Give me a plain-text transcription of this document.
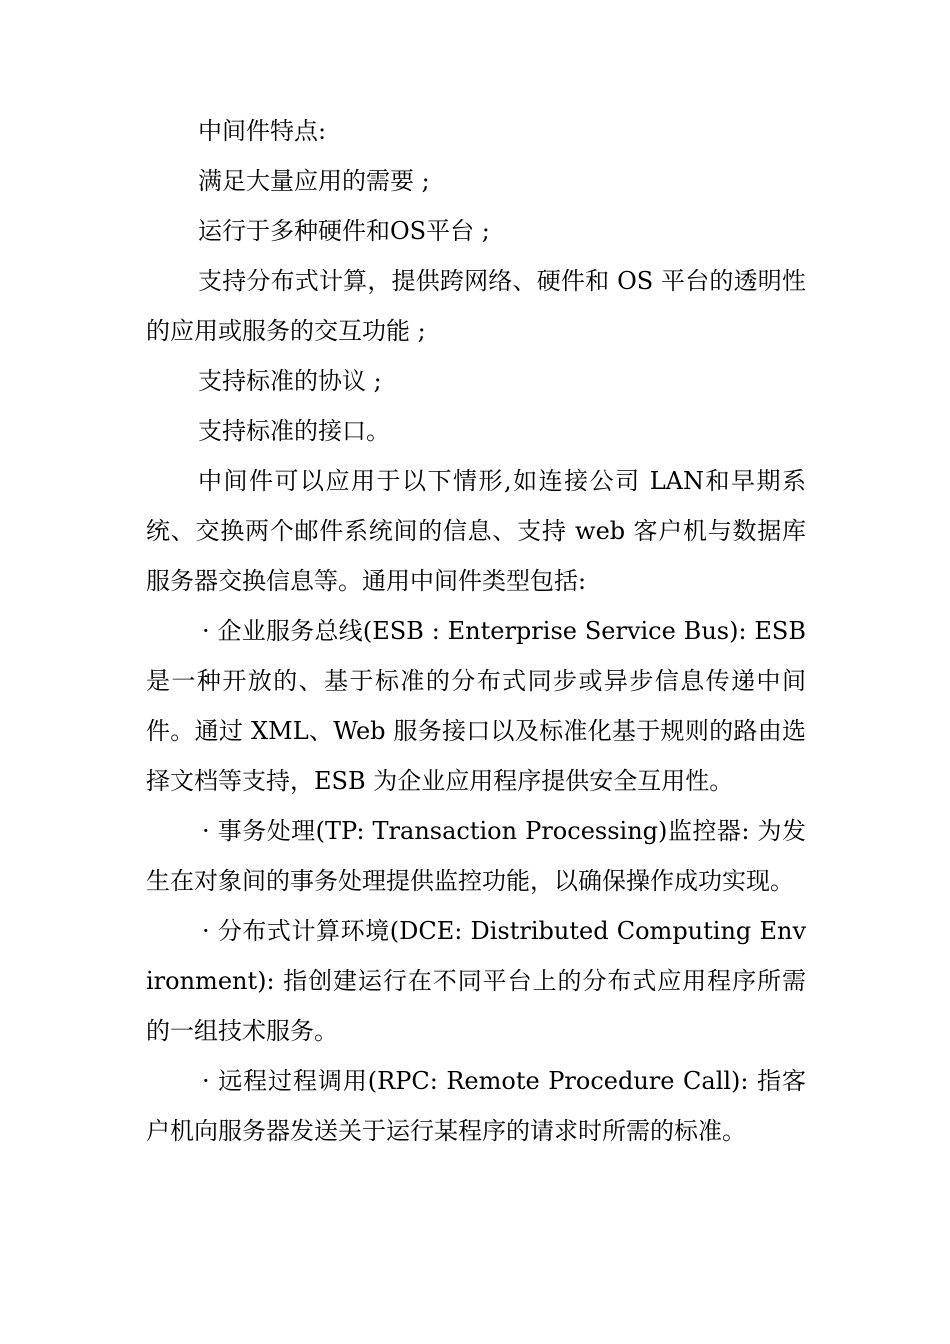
中间件特点:

满足大量应用的需要 ;

运行于多种硬件和OS平台 ;

支持分布式计算，提供跨网络、硬件和 OS 平台的透明性的应用或服务的交互功能 ;

支持标准的协议 ;

支持标准的接口。

中间件可以应用于以下情形,如连接公司 LAN和早期系统、交换两个邮件系统间的信息、支持 web 客户机与数据库服务器交换信息等。通用中间件类型包括:

· 企业服务总线(ESB : Enterprise Service Bus): ESB 是一种开放的、基于标准的分布式同步或异步信息传递中间件。通过 XML、Web 服务接口以及标准化基于规则的路由选择文档等支持，ESB 为企业应用程序提供安全互用性。

· 事务处理(TP: Transaction Processing)监控器: 为发生在对象间的事务处理提供监控功能，以确保操作成功实现。

· 分布式计算环境(DCE: Distributed Computing Environment): 指创建运行在不同平台上的分布式应用程序所需的一组技术服务。

· 远程过程调用(RPC: Remote Procedure Call): 指客户机向服务器发送关于运行某程序的请求时所需的标准。
